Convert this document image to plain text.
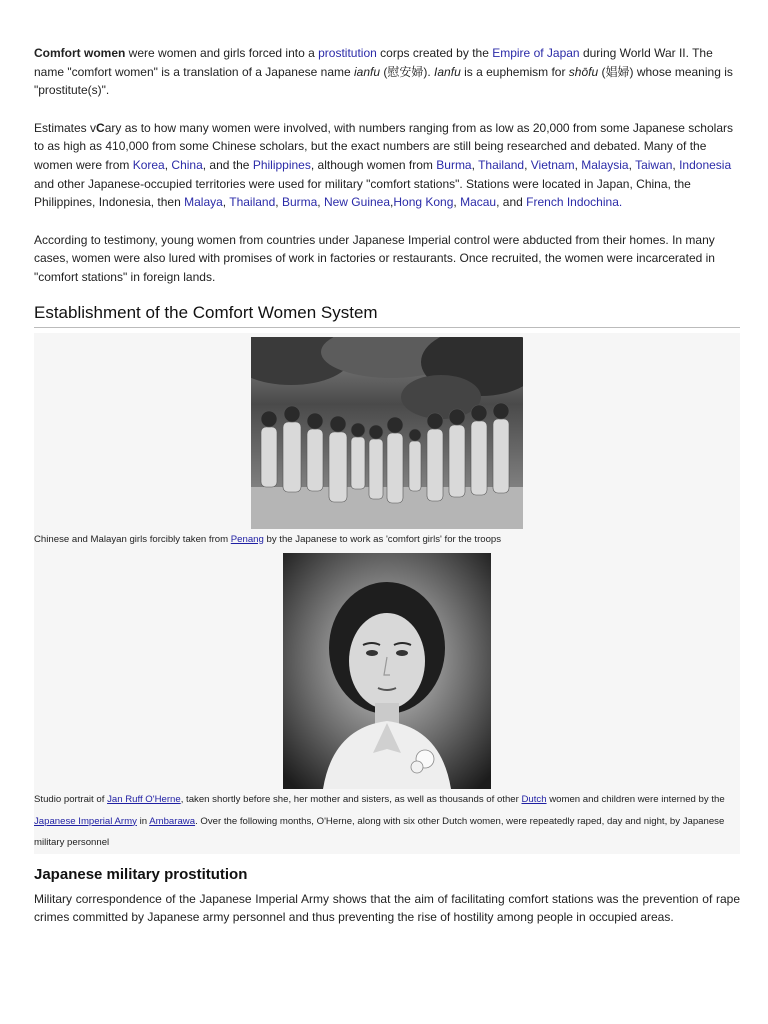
Comfort women were women and girls forced into a prostitution corps created by the Empire of Japan during World War II. The name "comfort women" is a translation of a Japanese name ianfu (慰安婦). Ianfu is a euphemism for shōfu (娼婦) whose meaning is "prostitute(s)".

Estimates vCary as to how many women were involved, with numbers ranging from as low as 20,000 from some Japanese scholars to as high as 410,000 from some Chinese scholars, but the exact numbers are still being researched and debated. Many of the women were from Korea, China, and the Philippines, although women from Burma, Thailand, Vietnam, Malaysia, Taiwan, Indonesia and other Japanese-occupied territories were used for military "comfort stations". Stations were located in Japan, China, the Philippines, Indonesia, then Malaya, Thailand, Burma, New Guinea,Hong Kong, Macau, and French Indochina.

According to testimony, young women from countries under Japanese Imperial control were abducted from their homes. In many cases, women were also lured with promises of work in factories or restaurants. Once recruited, the women were incarcerated in "comfort stations" in foreign lands.

Establishment of the Comfort Women System

Chinese and Malayan girls forcibly taken from Penang by the Japanese to work as 'comfort girls' for the troops

Studio portrait of Jan Ruff O'Herne, taken shortly before she, her mother and sisters, as well as thousands of other Dutch women and children were interned by the Japanese Imperial Army in Ambarawa. Over the following months, O'Herne, along with six other Dutch women, were repeatedly raped, day and night, by Japanese military personnel

Japanese military prostitution

Military correspondence of the Japanese Imperial Army shows that the aim of facilitating comfort stations was the prevention of rape crimes committed by Japanese army personnel and thus preventing the rise of hostility among people in occupied areas.
